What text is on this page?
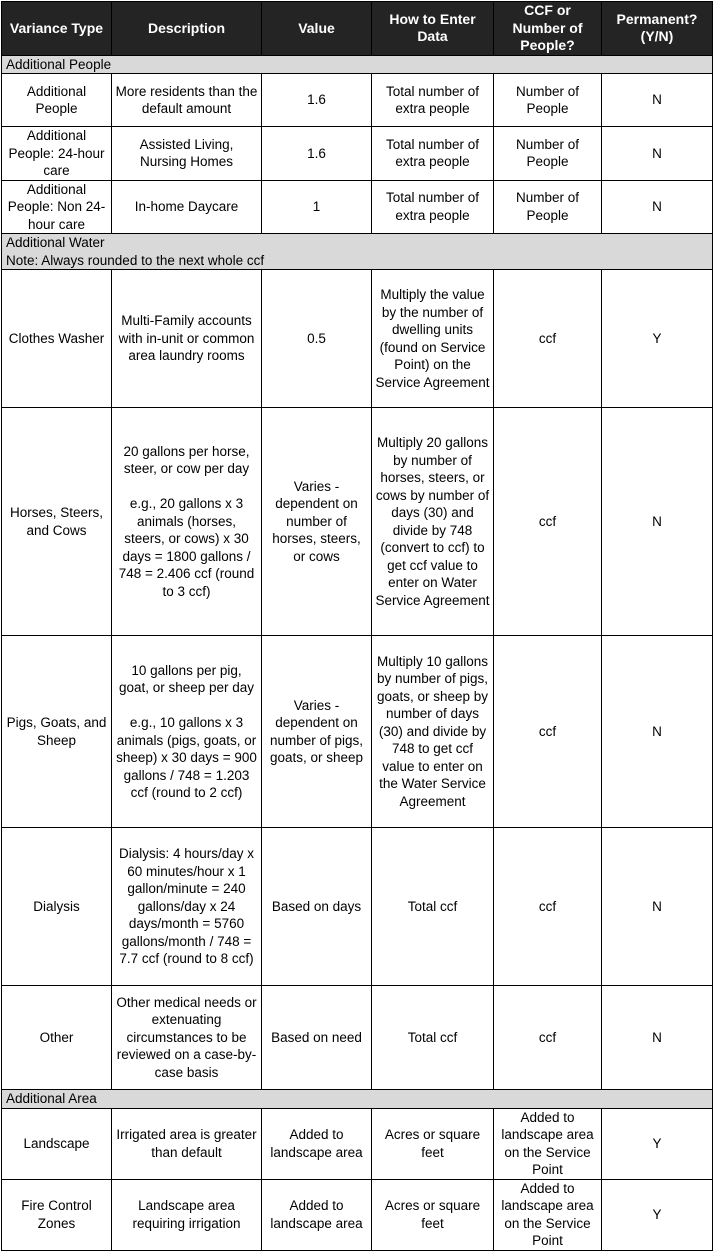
Variance Type	Description	Value	How to Enter Data	CCF or Number of People?	Permanent? (Y/N)
Additional People					
Additional People	More residents than the default amount	1.6	Total number of extra people	Number of People	N
Additional People: 24-hour care	Assisted Living, Nursing Homes	1.6	Total number of extra people	Number of People	N
Additional People: Non 24-hour care	In-home Daycare	1	Total number of extra people	Number of People	N
Additional Water
Note: Always rounded to the next whole ccf					

Clothes Washer	Multi-Family accounts with in-unit or common area laundry rooms	0.5	Multiply the value by the number of dwelling units (found on Service Point) on the Service Agreement	ccf	Y
Horses, Steers, and Cows	20 gallons per horse, steer, or cow per day

e.g., 20 gallons x 3 animals (horses, steers, or cows) x 30 days = 1800 gallons / 748 = 2.406 ccf (round to 3 ccf)	Varies - dependent on number of horses, steers, or cows	Multiply 20 gallons by number of horses, steers, or cows by number of days (30) and divide by 748 (convert to ccf) to get ccf value to enter on Water Service Agreement	ccf	N
Pigs, Goats, and Sheep	10 gallons per pig, goat, or sheep per day

e.g., 10 gallons x 3 animals (pigs, goats, or sheep) x 30 days = 900 gallons / 748 = 1.203 ccf (round to 2 ccf)	Varies - dependent on number of pigs, goats, or sheep	Multiply 10 gallons by number of pigs, goats, or sheep by number of days (30) and divide by 748 to get ccf value to enter on the Water Service Agreement	ccf	N
Dialysis	Dialysis: 4 hours/day x 60 minutes/hour x 1 gallon/minute = 240 gallons/day x 24 days/month = 5760 gallons/month / 748 = 7.7 ccf (round to 8 ccf)	Based on days	Total ccf	ccf	N
Other	Other medical needs or extenuating circumstances to be reviewed on a case-by-case basis	Based on need	Total ccf	ccf	N
Additional Area					
Landscape	Irrigated area is greater than default	Added to landscape area	Acres or square feet	Added to landscape area on the Service Point	Y
Fire Control Zones	Landscape area requiring irrigation	Added to landscape area	Acres or square feet	Added to landscape area on the Service Point	Y
